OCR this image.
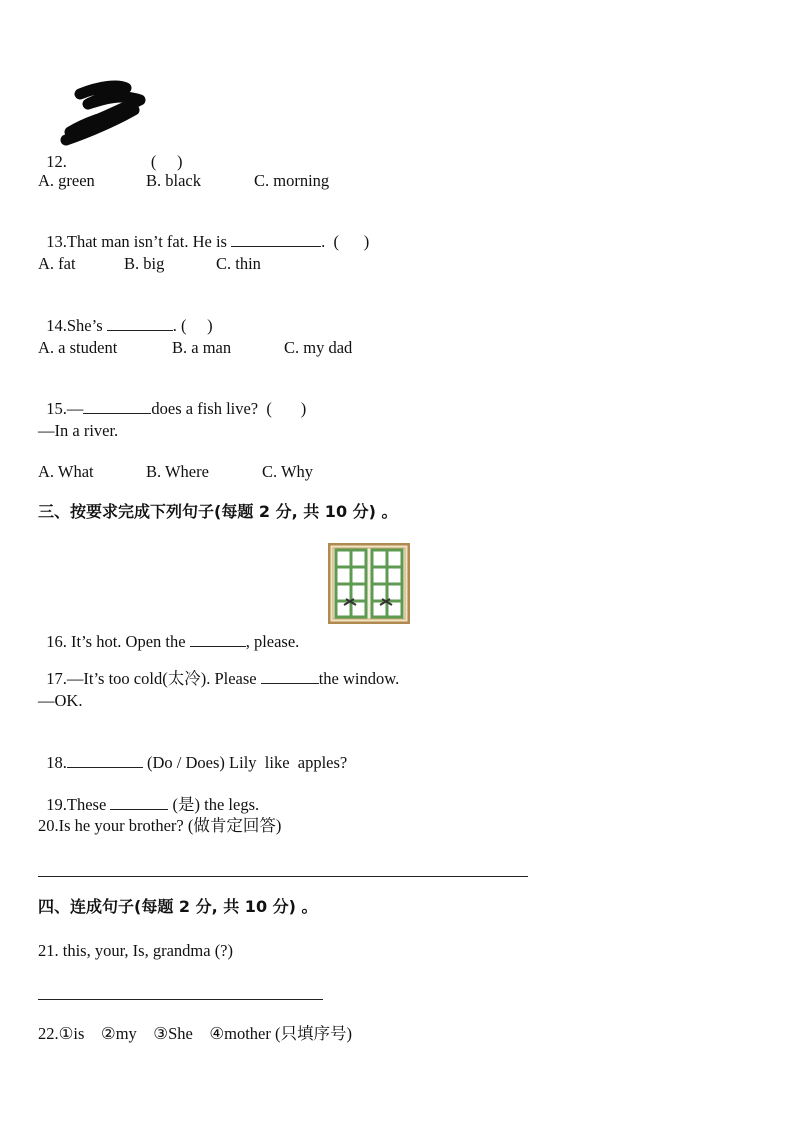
12.	(     )

A. green	B. black	C. morning

13.That man isn’t fat. He is	.  (      )

A. fat	B. big	C. thin

14.She’s	. (     )

A. a student	B. a man	C. my dad

15.—	does a fish live?  (       )

—In a river.
A. What	B. Where	C. Why
三、按要求完成下列句子(每题 2 分, 共 10 分) 。

16. It’s hot. Open the	, please.

17.—It’s too cold(太冷). Please	the window.

—OK.

18.	(Do / Does) Lily  like  apples?

19.These	(是) the legs.

20.Is he your brother? (做肯定回答)
四、连成句子(每题 2 分, 共 10 分) 。
21. this, your, Is, grandma (?)
22.①is    ②my    ③She    ④mother (只填序号)
